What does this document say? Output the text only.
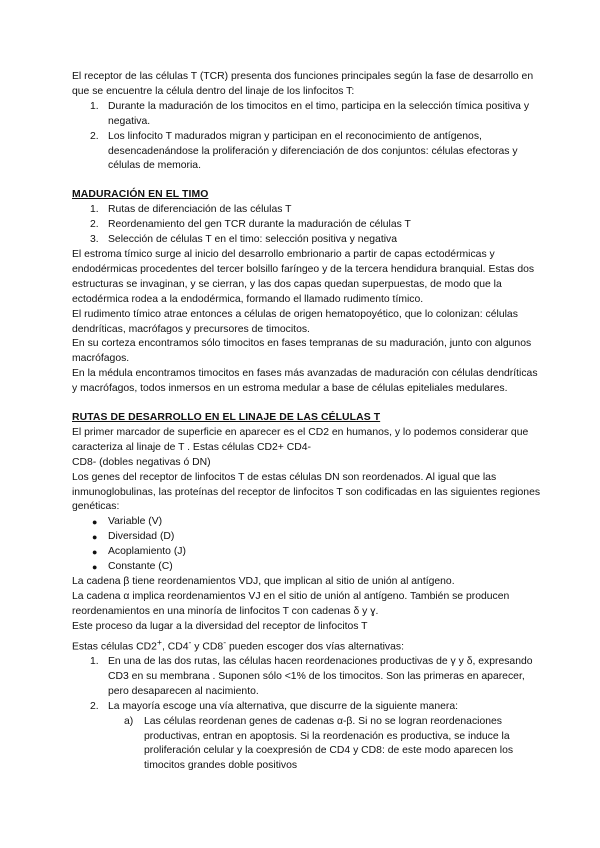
El receptor de las células T (TCR) presenta dos funciones principales según la fase de desarrollo en que se encuentre la célula dentro del linaje de los linfocitos T:

1. Durante la maduración de los timocitos en el timo, participa en la selección tímica positiva y negativa.
2. Los linfocito T madurados migran y participan en el reconocimiento de antígenos, desencadenándose la proliferación y diferenciación de dos conjuntos: células efectoras y células de memoria.

MADURACIÓN EN EL TIMO

1. Rutas de diferenciación de las células T
2. Reordenamiento del gen TCR durante la maduración de células T
3. Selección de células T en el timo: selección positiva y negativa

El estroma tímico surge al inicio del desarrollo embrionario a partir de capas ectodérmicas y endodérmicas procedentes del tercer bolsillo faríngeo y de la tercera hendidura branquial. Estas dos estructuras se invaginan, y se cierran, y las dos capas quedan superpuestas, de modo que la ectodérmica rodea a la endodérmica, formando el llamado rudimento tímico.

El rudimento tímico atrae entonces a células de origen hematopoyético, que lo colonizan: células dendríticas, macrófagos y precursores de timocitos.

En su corteza encontramos sólo timocitos en fases tempranas de su maduración, junto con algunos macrófagos.

En la médula encontramos timocitos en fases más avanzadas de maduración con células dendríticas y macrófagos, todos inmersos en un estroma medular a base de células epiteliales medulares.

RUTAS DE DESARROLLO EN EL LINAJE DE LAS CÉLULAS T

El primer marcador de superficie en aparecer es el CD2 en humanos, y lo podemos considerar que caracteriza al linaje de T . Estas células CD2+ CD4-

CD8- (dobles negativas ó DN)

Los genes del receptor de linfocitos T de estas células DN son reordenados. Al igual que las inmunoglobulinas, las proteínas del receptor de linfocitos T son codificadas en las siguientes regiones genéticas:

● Variable (V)
● Diversidad (D)
● Acoplamiento (J)
● Constante (C)

La cadena β tiene reordenamientos VDJ, que implican al sitio de unión al antígeno.

La cadena α implica reordenamientos VJ en el sitio de unión al antígeno. También se producen reordenamientos en una minoría de linfocitos T con cadenas δ y ɣ.

Este proceso da lugar a la diversidad del receptor de linfocitos T

Estas células CD2+, CD4- y CD8- pueden escoger dos vías alternativas:

1. En una de las dos rutas, las células hacen reordenaciones productivas de γ y δ, expresando CD3 en su membrana . Suponen sólo <1% de los timocitos. Son las primeras en aparecer, pero desaparecen al nacimiento.
2. La mayoría escoge una vía alternativa, que discurre de la siguiente manera:
a) Las células reordenan genes de cadenas α-β. Si no se logran reordenaciones productivas, entran en apoptosis. Si la reordenación es productiva, se induce la proliferación celular y la coexpresión de CD4 y CD8: de este modo aparecen los timocitos grandes doble positivos
